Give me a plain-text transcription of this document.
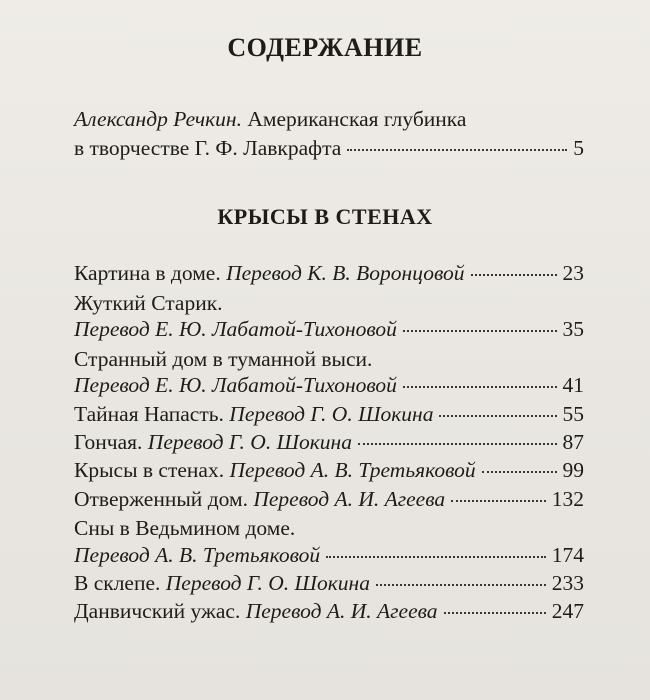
СОДЕРЖАНИЕ
Александр Речкин. Американская глубинка
в творчестве Г. Ф. Лавкрафта	5
КРЫСЫ В СТЕНАХ
Картина в доме.
Перевод К. В. Воронцовой	23
Жуткий Старик.
Перевод Е. Ю. Лабатой-Тихоновой	35
Странный дом в туманной выси.
Перевод Е. Ю. Лабатой-Тихоновой	41
Тайная Напасть.
Перевод Г. О. Шокина	55
Гончая.
Перевод Г. О. Шокина	87
Крысы в стенах.
Перевод А. В. Третьяковой	99
Отверженный дом.
Перевод А. И. Агеева	132
Сны в Ведьмином доме.
Перевод А. В. Третьяковой	174
В склепе.
Перевод Г. О. Шокина	233
Данвичский ужас.
Перевод А. И. Агеева	247
